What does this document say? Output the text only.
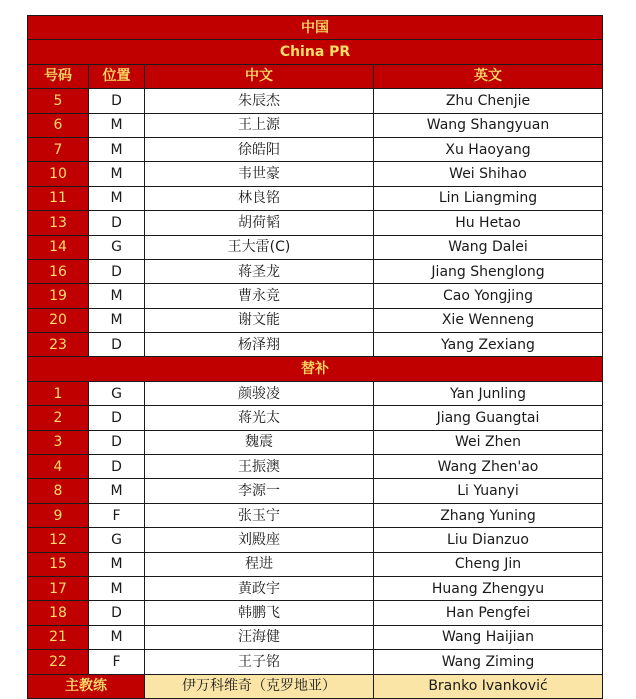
中国			
China PR			
号码	位置	中文	英文
5	D	朱辰杰	Zhu Chenjie
6	M	王上源	Wang Shangyuan
7	M	徐皓阳	Xu Haoyang
10	M	韦世豪	Wei Shihao
11	M	林良铭	Lin Liangming
13	D	胡荷韬	Hu Hetao
14	G	王大雷(C)	Wang Dalei
16	D	蒋圣龙	Jiang Shenglong
19	M	曹永竞	Cao Yongjing
20	M	谢文能	Xie Wenneng
23	D	杨泽翔	Yang Zexiang
替补			
1	G	颜骏凌	Yan Junling
2	D	蒋光太	Jiang Guangtai
3	D	魏震	Wei Zhen
4	D	王振澳	Wang Zhen'ao
8	M	李源一	Li Yuanyi
9	F	张玉宁	Zhang Yuning
12	G	刘殿座	Liu Dianzuo
15	M	程进	Cheng Jin
17	M	黄政宇	Huang Zhengyu
18	D	韩鹏飞	Han Pengfei
21	M	汪海健	Wang Haijian
22	F	王子铭	Wang Ziming
主教练		伊万科维奇（克罗地亚）	Branko Ivanković
